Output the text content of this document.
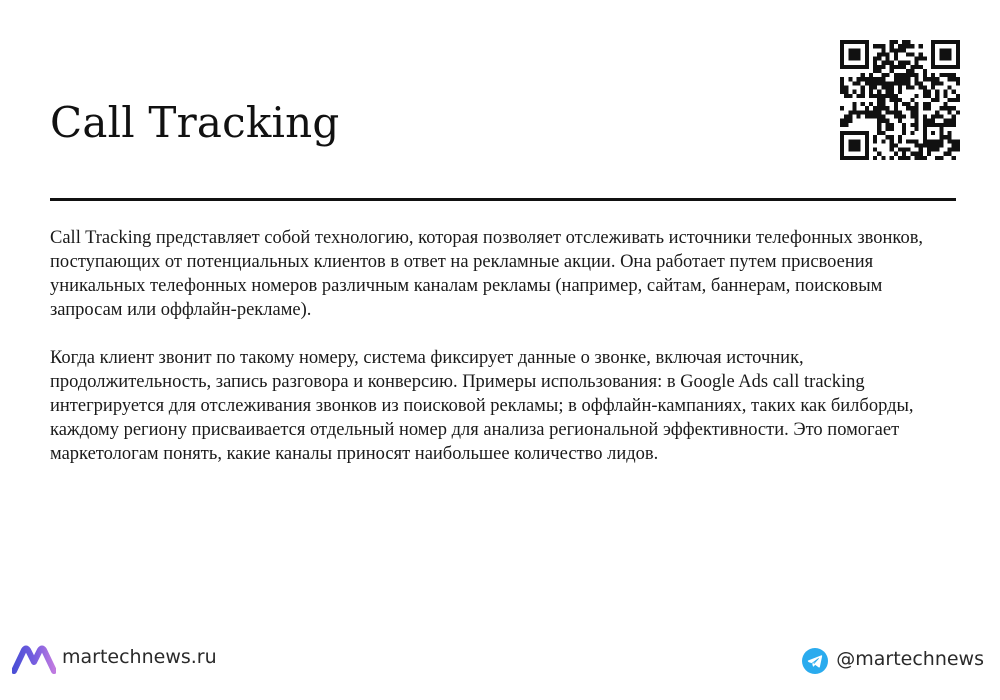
Call Tracking

Call Tracking представляет собой технологию, которая позволяет отслеживать источники телефонных звонков, поступающих от потенциальных клиентов в ответ на рекламные акции. Она работает путем присвоения уникальных телефонных номеров различным каналам рекламы (например, сайтам, баннерам, поисковым запросам или оффлайн-рекламе).

Когда клиент звонит по такому номеру, система фиксирует данные о звонке, включая источник, продолжительность, запись разговора и конверсию. Примеры использования: в Google Ads call tracking интегрируется для отслеживания звонков из поисковой рекламы; в оффлайн-кампаниях, таких как билборды, каждому региону присваивается отдельный номер для анализа региональной эффективности. Это помогает маркетологам понять, какие каналы приносят наибольшее количество лидов.

martechnews.ru	@martechnews
